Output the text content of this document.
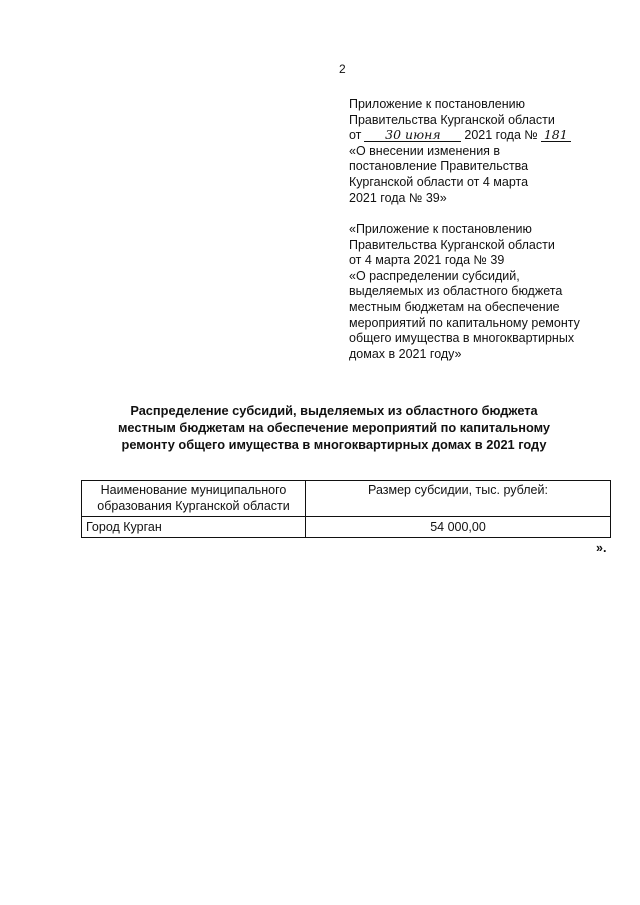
2
Приложение к постановлению
Правительства Курганской области
от 30 июня 2021 года № 181
«О внесении изменения в
постановление Правительства
Курганской области от 4 марта
2021 года № 39»
«Приложение к постановлению
Правительства Курганской области
от 4 марта 2021 года № 39
«О распределении субсидий,
выделяемых из областного бюджета
местным бюджетам на обеспечение
мероприятий по капитальному ремонту
общего имущества в многоквартирных
домах в 2021 году»
Распределение субсидий, выделяемых из областного бюджета
местным бюджетам на обеспечение мероприятий по капитальному
ремонту общего имущества в многоквартирных домах в 2021 году
Наименование муниципального
образования Курганской области	Размер субсидии, тыс. рублей:
Город Курган	54 000,00
».
